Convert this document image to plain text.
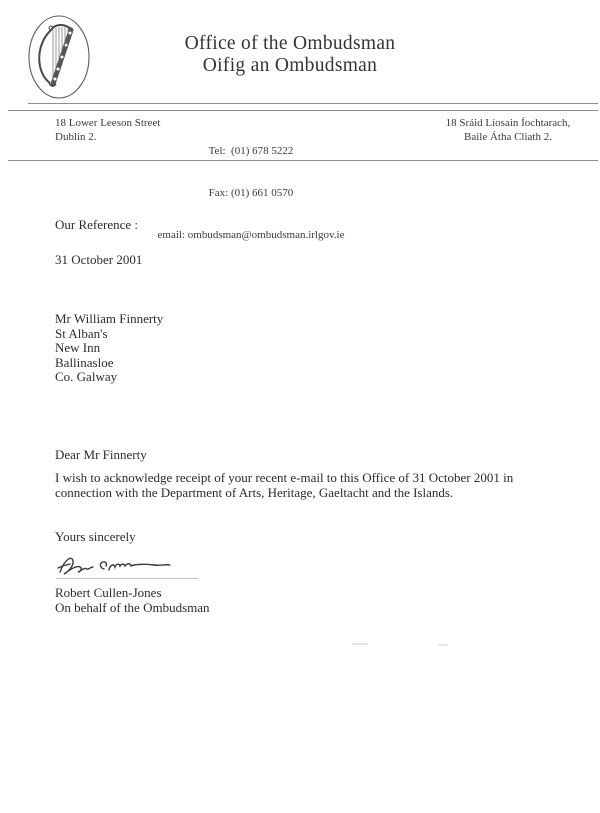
Office of the Ombudsman
Oifig an Ombudsman
18 Lower Leeson Street
Dublin 2.

Tel:  (01) 678 5222

Fax: (01) 661 0570

email: ombudsman@ombudsman.irlgov.ie

18 Sráid Líosain Íochtarach,
Baile Átha Cliath 2.
Our Reference :
31 October 2001
Mr William Finnerty
St Alban's
New Inn
Ballinasloe
Co. Galway
Dear Mr Finnerty
I wish to acknowledge receipt of your recent e-mail to this Office of 31 October 2001 in
connection with the Department of Arts, Heritage, Gaeltacht and the Islands.
Yours sincerely
Robert Cullen-Jones
On behalf of the Ombudsman
